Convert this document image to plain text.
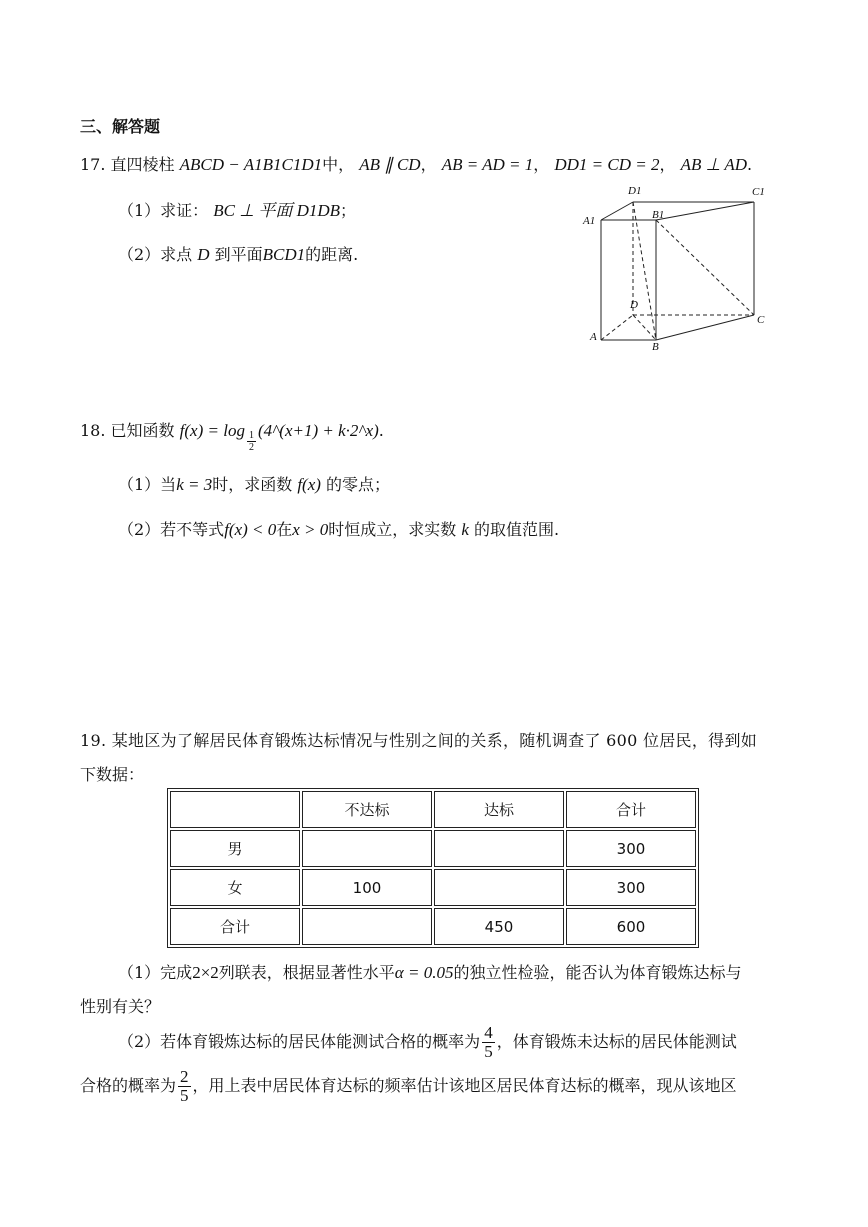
三、解答题
17. 直四棱柱 ABCD − A1B1C1D1中， AB ∥ CD， AB = AD = 1， DD1 = CD = 2， AB ⊥ AD.
（1）求证： BC ⊥ 平面 D1DB；
（2）求点 D 到平面BCD1的距离.
D1	C1
A1	B1
D
C
A
B
18. 已知函数 $f(x) = \log \frac{1}{2}$ (4^(x+1) + k·2^x).
（1）当k = 3时，求函数 f(x) 的零点；
（2）若不等式f(x) < 0在x > 0时恒成立，求实数 k 的取值范围.
19. 某地区为了解居民体育锻炼达标情况与性别之间的关系，随机调查了 600 位居民，得到如
下数据：
	不达标	达标	合计
男			300
女	100		300
合计		450	600
（1）完成2×2列联表，根据显著性水平α = 0.05的独立性检验，能否认为体育锻炼达标与
性别有关？
（2）若体育锻炼达标的居民体能测试合格的概率为 $\frac{4}{5}$ ，体育锻炼未达标的居民体能测试
合格的概率为 $\frac{2}{5}$ ，用上表中居民体育达标的频率估计该地区居民体育达标的概率，现从该地区
